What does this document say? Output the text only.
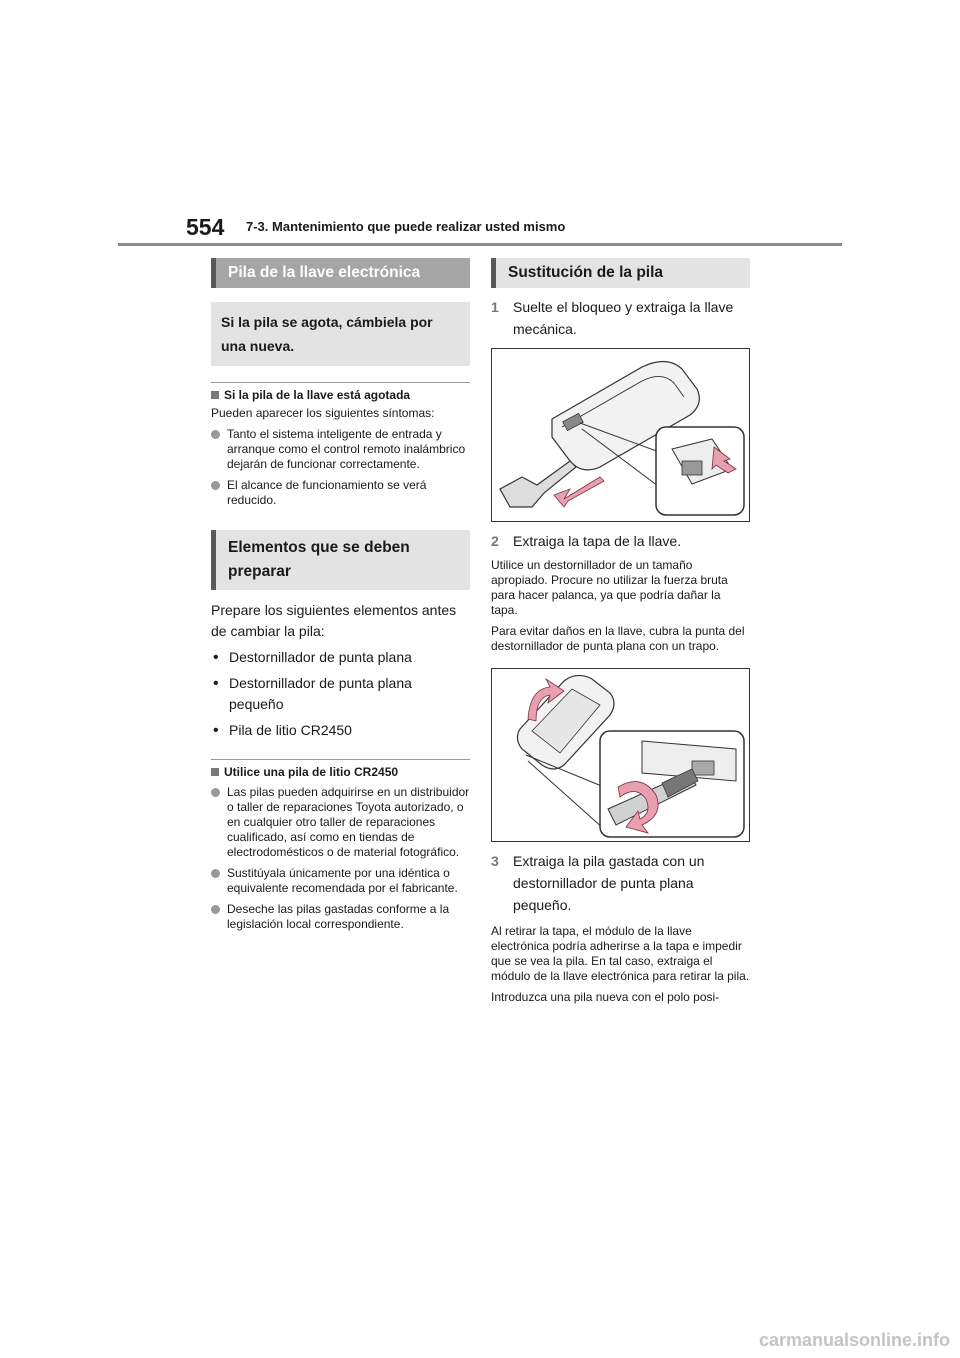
554 7-3. Mantenimiento que puede realizar usted mismo
Pila de la llave electrónica
Si la pila se agota, cámbiela por una nueva.
Si la pila de la llave está agotada
Pueden aparecer los siguientes síntomas:
Tanto el sistema inteligente de entrada y arranque como el control remoto inalámbrico dejarán de funcionar correctamente.
El alcance de funcionamiento se verá reducido.
Elementos que se deben preparar
Prepare los siguientes elementos antes de cambiar la pila:
• Destornillador de punta plana
• Destornillador de punta plana pequeño
• Pila de litio CR2450
Utilice una pila de litio CR2450
Las pilas pueden adquirirse en un distribuidor o taller de reparaciones Toyota autorizado, o en cualquier otro taller de reparaciones cualificado, así como en tiendas de electrodomésticos o de material fotográfico.
Sustitúyala únicamente por una idéntica o equivalente recomendada por el fabricante.
Deseche las pilas gastadas conforme a la legislación local correspondiente.
Sustitución de la pila
1	Suelte el bloqueo y extraiga la llave mecánica.
2	Extraiga la tapa de la llave.
Utilice un destornillador de un tamaño apropiado. Procure no utilizar la fuerza bruta para hacer palanca, ya que podría dañar la tapa.
Para evitar daños en la llave, cubra la punta del destornillador de punta plana con un trapo.
3	Extraiga la pila gastada con un destornillador de punta plana pequeño.
Al retirar la tapa, el módulo de la llave electrónica podría adherirse a la tapa e impedir que se vea la pila. En tal caso, extraiga el módulo de la llave electrónica para retirar la pila.
Introduzca una pila nueva con el polo posi-
carmanualsonline.info
